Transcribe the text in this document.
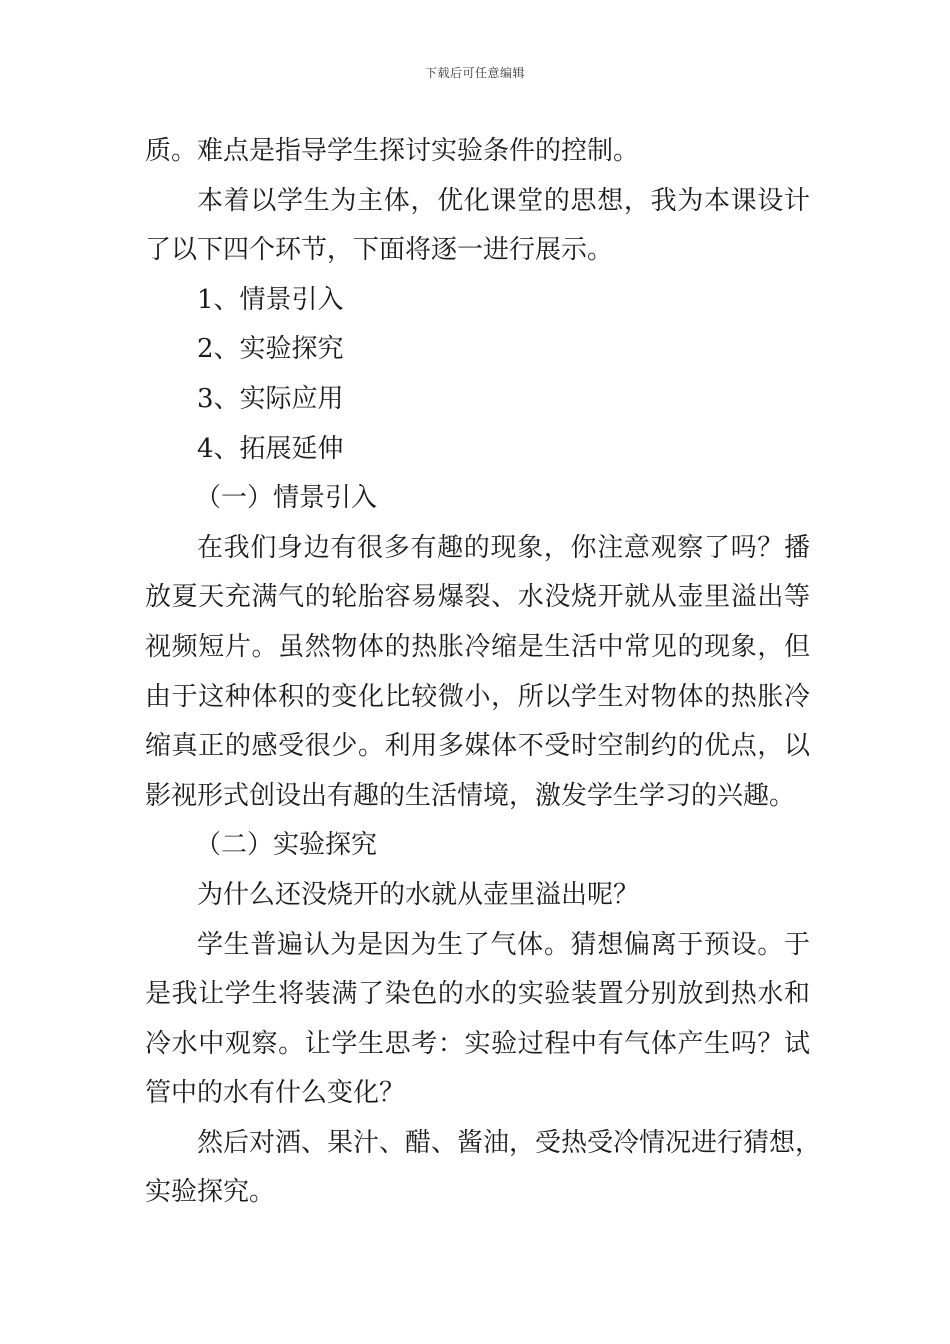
下载后可任意编辑
质。难点是指导学生探讨实验条件的控制。
本着以学生为主体，优化课堂的思想，我为本课设计
了以下四个环节，下面将逐一进行展示。
1、情景引入
2、实验探究
3、实际应用
4、拓展延伸
（一）情景引入
在我们身边有很多有趣的现象，你注意观察了吗？播
放夏天充满气的轮胎容易爆裂、水没烧开就从壶里溢出等
视频短片。虽然物体的热胀冷缩是生活中常见的现象，但
由于这种体积的变化比较微小，所以学生对物体的热胀冷
缩真正的感受很少。利用多媒体不受时空制约的优点，以
影视形式创设出有趣的生活情境，激发学生学习的兴趣。
（二）实验探究
为什么还没烧开的水就从壶里溢出呢？
学生普遍认为是因为生了气体。猜想偏离于预设。于
是我让学生将装满了染色的水的实验装置分别放到热水和
冷水中观察。让学生思考：实验过程中有气体产生吗？试
管中的水有什么变化？
然后对酒、果汁、醋、酱油，受热受冷情况进行猜想，
实验探究。
